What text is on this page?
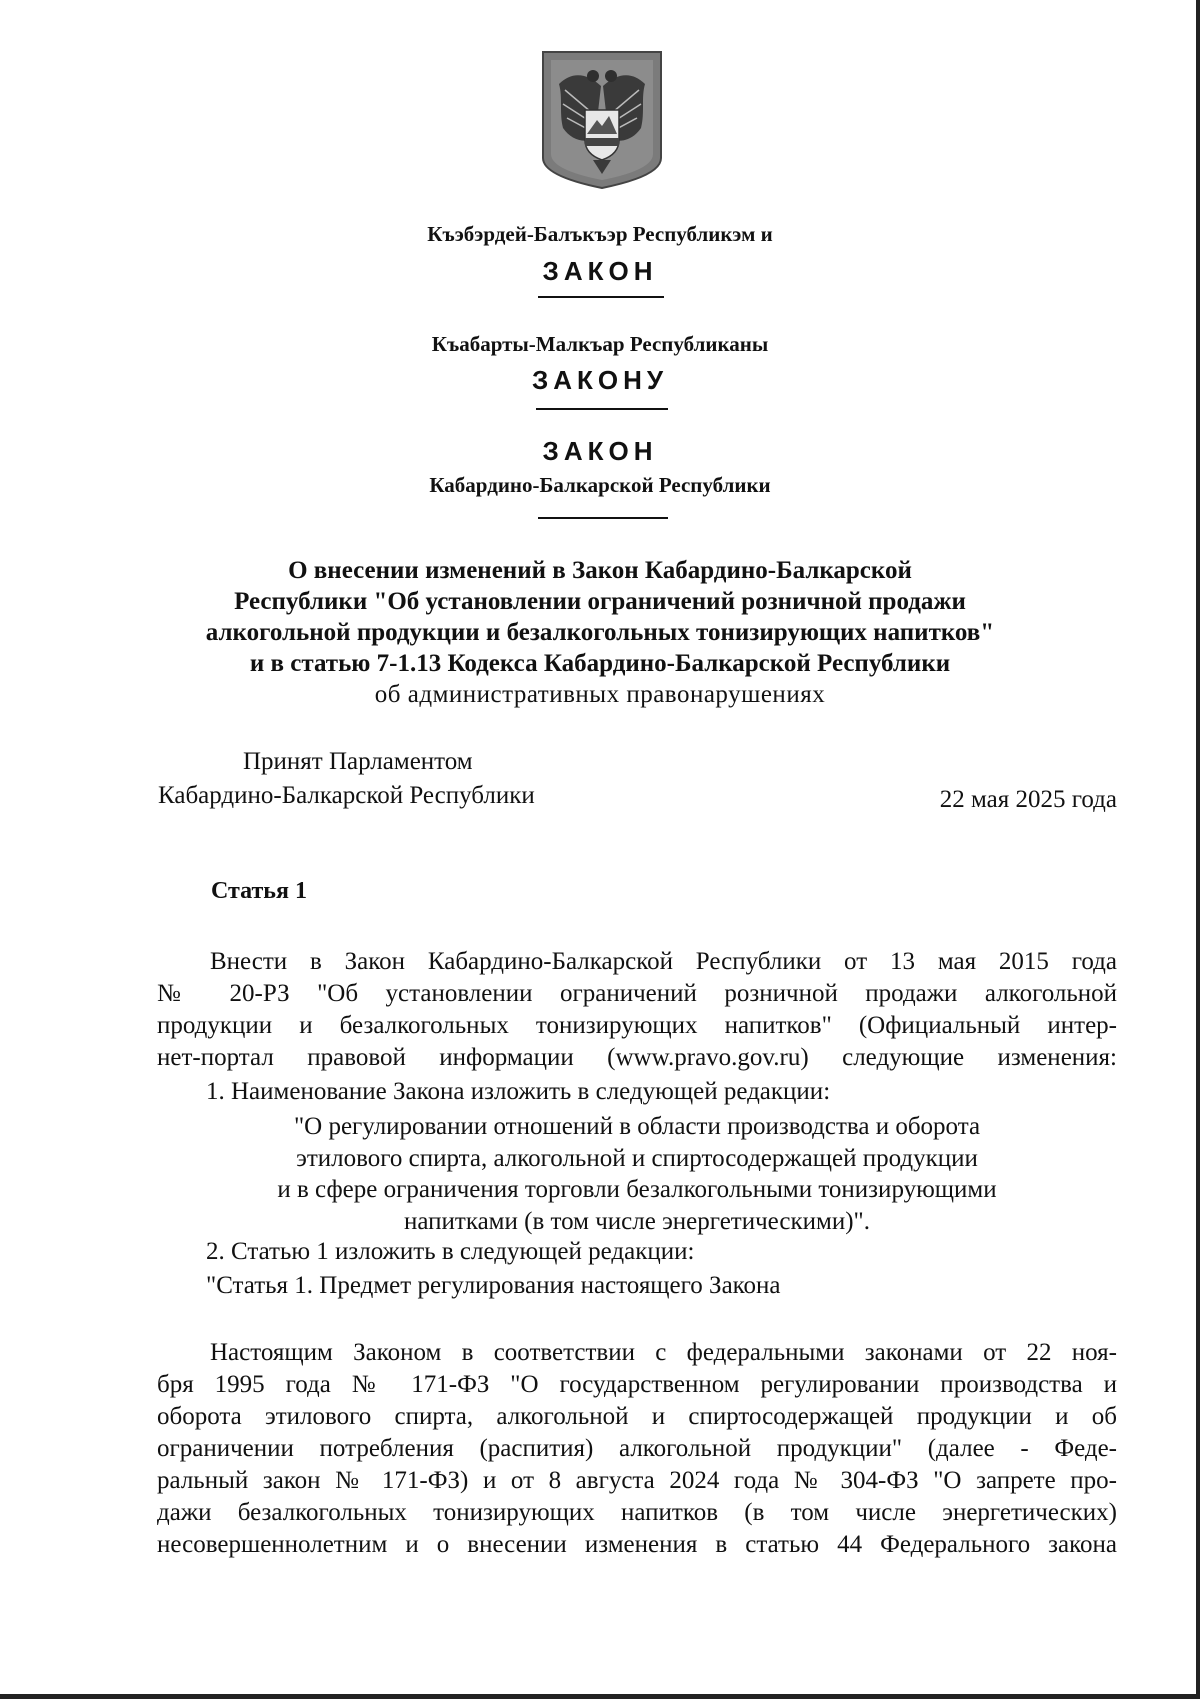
Къэбэрдей-Балъкъэр Республикэм и
ЗАКОН
Къабарты-Малкъар Республиканы
ЗАКОНУ
ЗАКОН
Кабардино-Балкарской Республики
О внесении изменений в Закон Кабардино-Балкарской
Республики "Об установлении ограничений розничной продажи
алкогольной продукции и безалкогольных тонизирующих напитков"
и в статью 7-1.13 Кодекса Кабардино-Балкарской Республики
об административных правонарушениях
Принят Парламентом
Кабардино-Балкарской Республики	22 мая 2025 года
Статья 1
Внести в Закон Кабардино-Балкарской Республики от 13 мая 2015 года
№ 20-РЗ "Об установлении ограничений розничной продажи алкогольной
продукции и безалкогольных тонизирующих напитков" (Официальный интер-
нет-портал правовой информации (www.pravo.gov.ru) следующие изменения:
1. Наименование Закона изложить в следующей редакции:
"О регулировании отношений в области производства и оборота
этилового спирта, алкогольной и спиртосодержащей продукции
и в сфере ограничения торговли безалкогольными тонизирующими
напитками (в том числе энергетическими)".
2. Статью 1 изложить в следующей редакции:
"Статья 1. Предмет регулирования настоящего Закона
Настоящим Законом в соответствии с федеральными законами от 22 ноя-
бря 1995 года № 171-ФЗ "О государственном регулировании производства и
оборота этилового спирта, алкогольной и спиртосодержащей продукции и об
ограничении потребления (распития) алкогольной продукции" (далее - Феде-
ральный закон № 171-ФЗ) и от 8 августа 2024 года № 304-ФЗ "О запрете про-
дажи безалкогольных тонизирующих напитков (в том числе энергетических)
несовершеннолетним и о внесении изменения в статью 44 Федерального закона
